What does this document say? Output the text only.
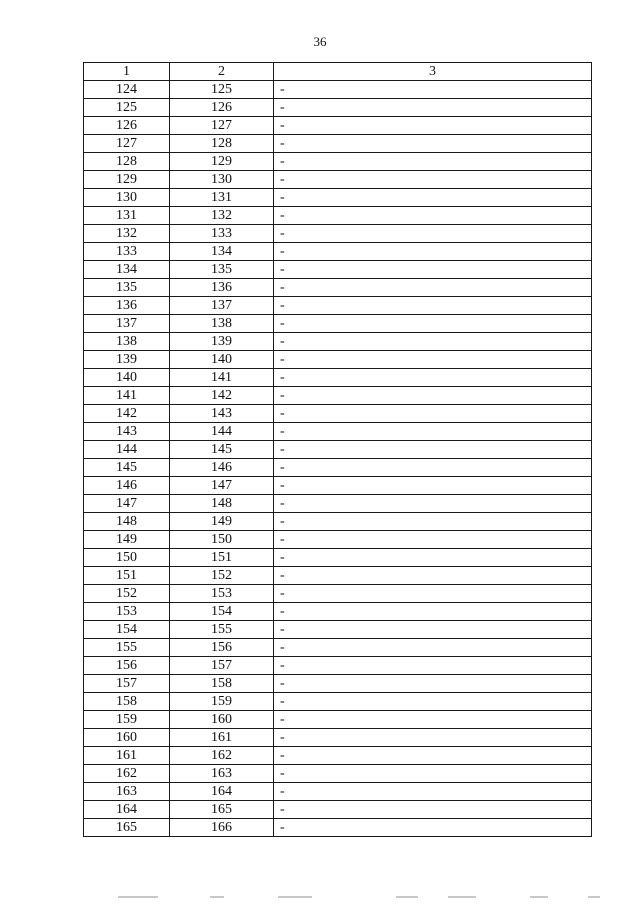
36
1	2	3
124	125	-
125	126	-
126	127	-
127	128	-
128	129	-
129	130	-
130	131	-
131	132	-
132	133	-
133	134	-
134	135	-
135	136	-
136	137	-
137	138	-
138	139	-
139	140	-
140	141	-
141	142	-
142	143	-
143	144	-
144	145	-
145	146	-
146	147	-
147	148	-
148	149	-
149	150	-
150	151	-
151	152	-
152	153	-
153	154	-
154	155	-
155	156	-
156	157	-
157	158	-
158	159	-
159	160	-
160	161	-
161	162	-
162	163	-
163	164	-
164	165	-
165	166	-
